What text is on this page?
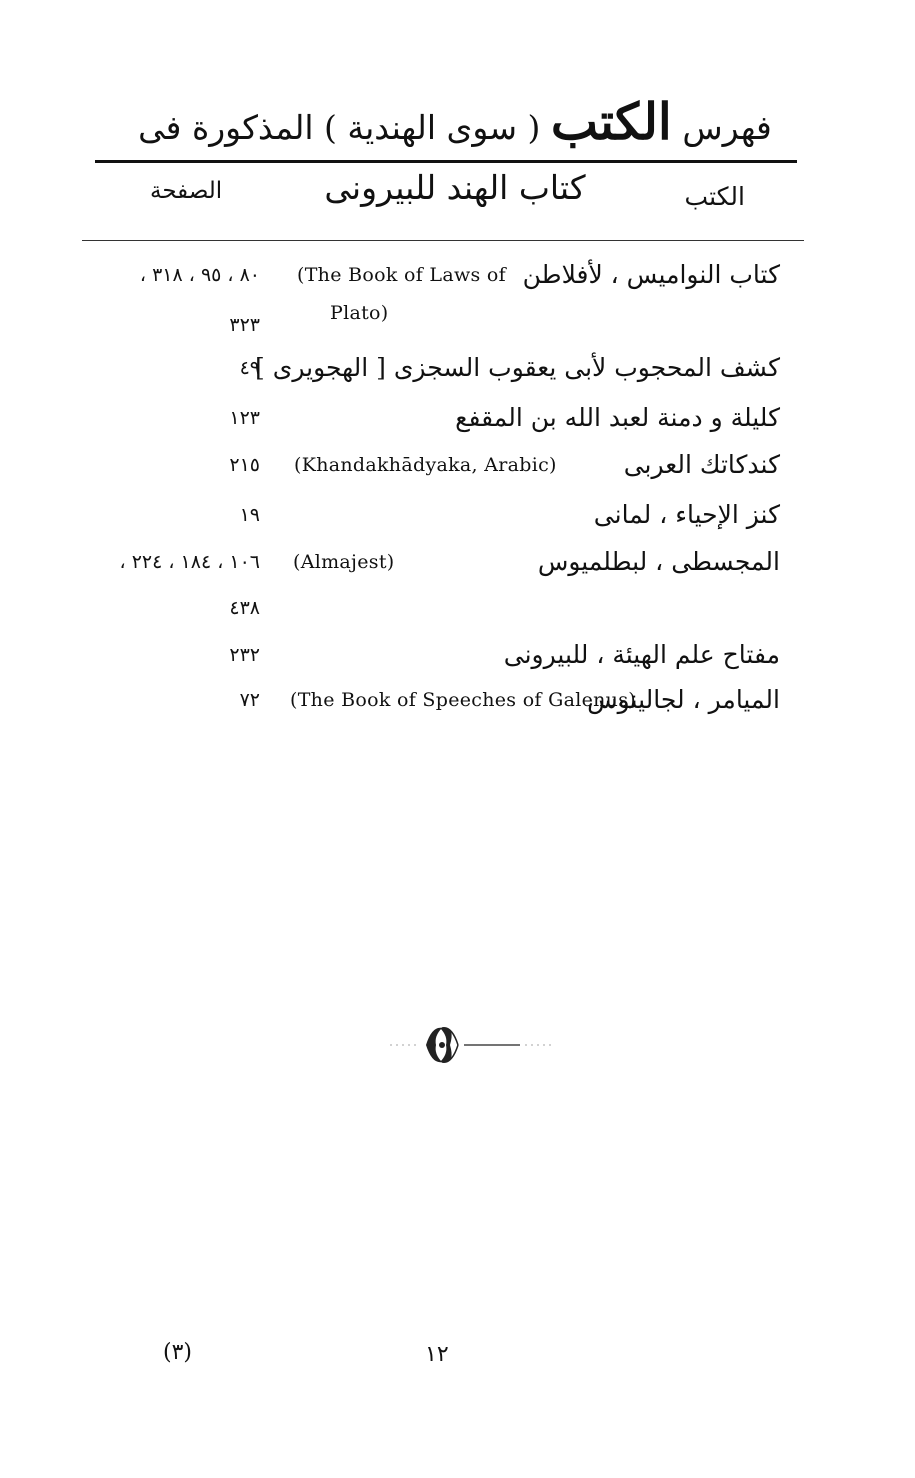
فهرس الكتب ( سوى الهندية ) المذكورة فى كتاب الهند للبيرونى	الكتب
الصفحة
كتاب النواميس ، لأفلاطن
(The Book of Laws of
٨٠ ، ٩٥ ، ٣١٨ ،
Plato)
٣٢٣
كشف المحجوب لأبى يعقوب السجزى [ الهجويرى ]
٤٩
كليلة و دمنة لعبد الله بن المقفع
١٢٣
كندكاتك العربى
(Khandakhādyaka, Arabic)
٢١٥
كنز الإحياء ، لمانى
١٩
المجسطى ، لبطلميوس
(Almajest)
١٠٦ ، ١٨٤ ، ٢٢٤ ،
٤٣٨
مفتاح علم الهيئة ، للبيرونى
٢٣٢
الميامر ، لجالينوس
(The Book of Speeches of Galenus)
٧٢
(٣)	١٢
